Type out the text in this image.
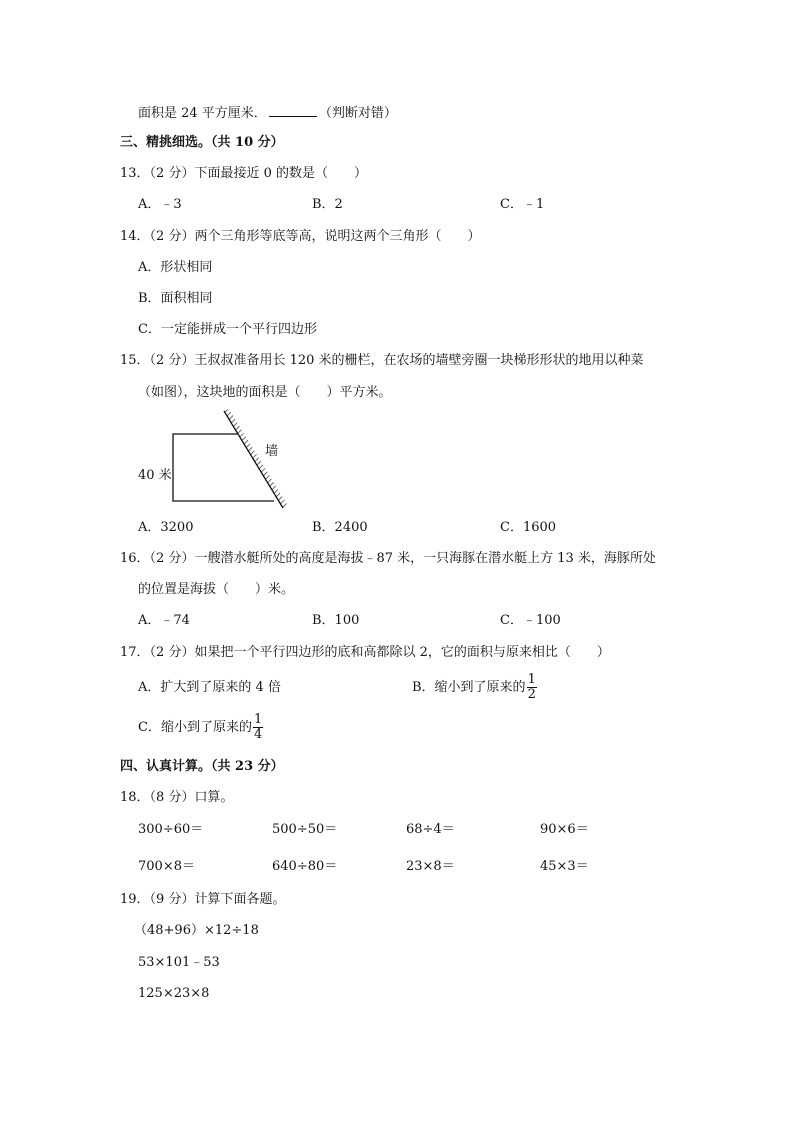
面积是 24 平方厘米．	（判断对错）
三、精挑细选。（共 10 分）
13．（2 分）下面最接近 0 的数是（　　）
A．﹣3	B．2	C．﹣1
14．（2 分）两个三角形等底等高，说明这两个三角形（　　）
A．形状相同
B．面积相同
C．一定能拼成一个平行四边形
15．（2 分）王叔叔准备用长 120 米的栅栏，在农场的墙壁旁圈一块梯形形状的地用以种菜
（如图），这块地的面积是（　　）平方米。
墙
40 米
A．3200	B．2400	C．1600
16．（2 分）一艘潜水艇所处的高度是海拔﹣87 米，一只海豚在潜水艇上方 13 米，海豚所处
的位置是海拔（　　）米。
A．﹣74	B．100	C．﹣100
17．（2 分）如果把一个平行四边形的底和高都除以 2，它的面积与原来相比（　　）
A．扩大到了原来的 4 倍	B．缩小到了原来的 $\frac{1}{2}$
C．缩小到了原来的 $\frac{1}{4}$
四、认真计算。（共 23 分）
18．（8 分）口算。
300÷60＝	500÷50＝	68÷4＝	90×6＝
700×8＝	640÷80＝	23×8＝	45×3＝
19．（9 分）计算下面各题。
（48+96）×12÷18
53×101﹣53
125×23×8
